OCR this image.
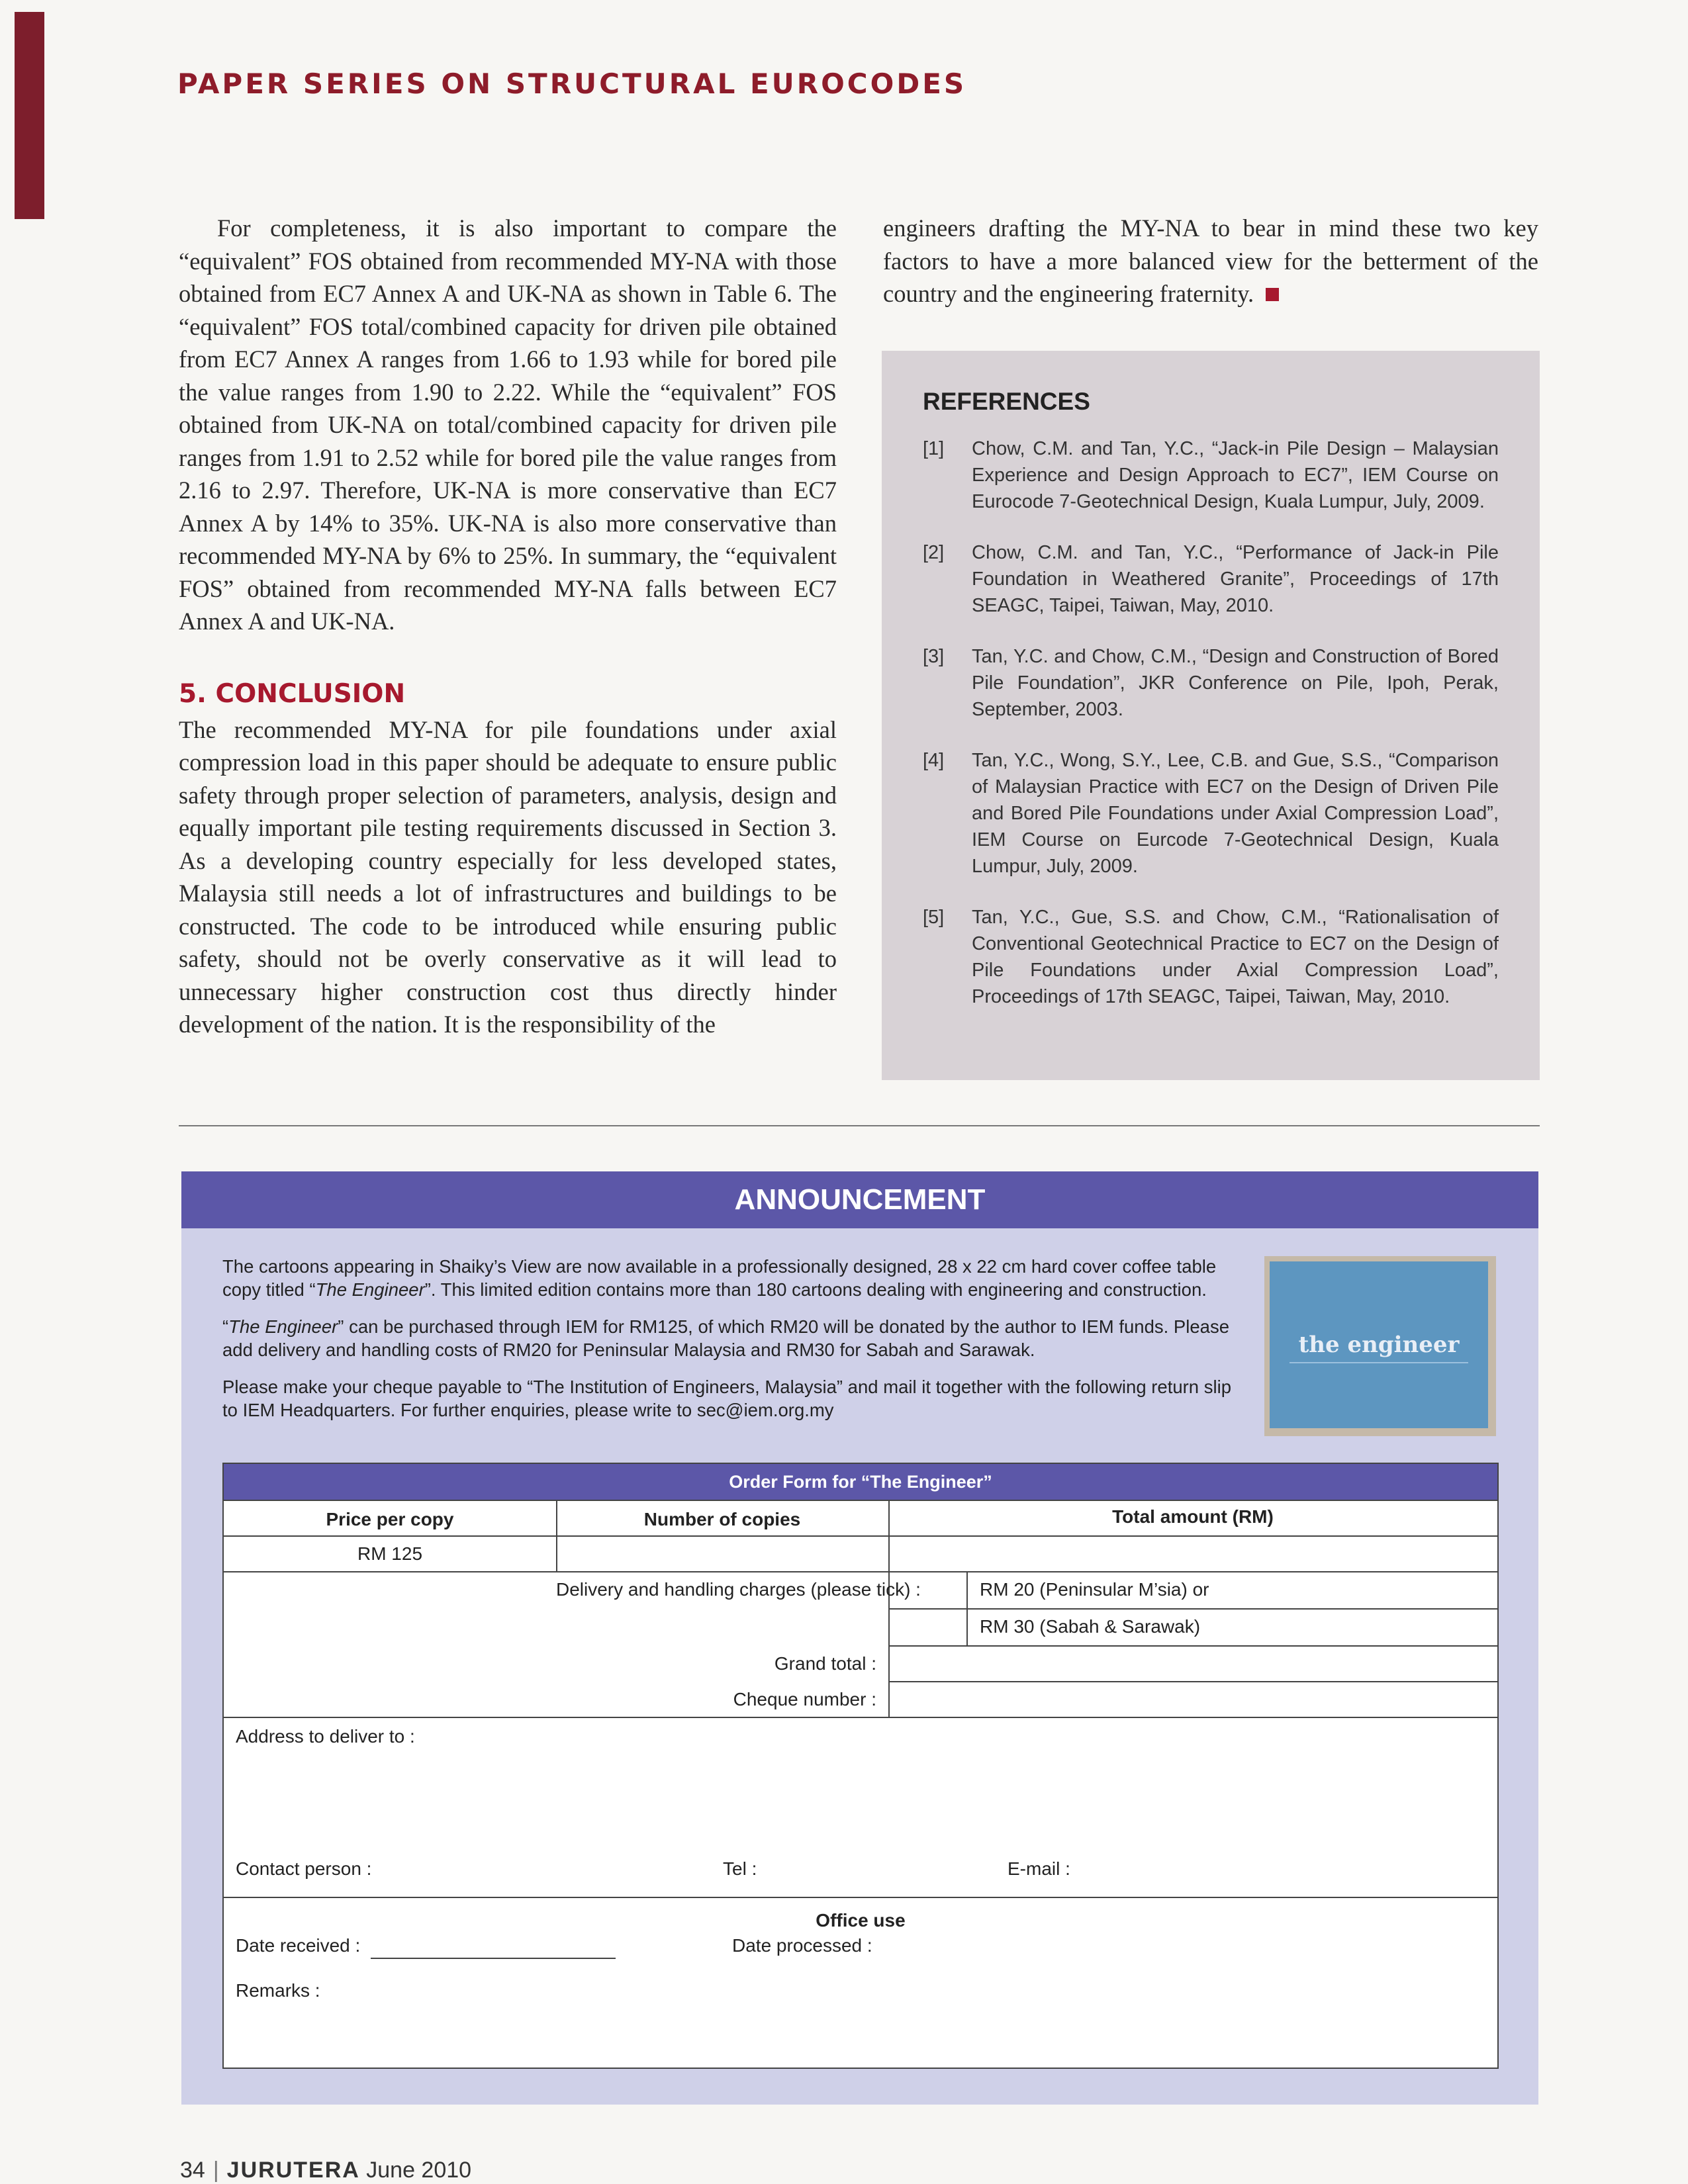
PAPER SERIES ON STRUCTURAL EUROCODES

For completeness, it is also important to compare the “equivalent” FOS obtained from recommended MY-NA with those obtained from EC7 Annex A and UK-NA as shown in Table 6. The “equivalent” FOS total/combined capacity for driven pile obtained from EC7 Annex A ranges from 1.66 to 1.93 while for bored pile the value ranges from 1.90 to 2.22. While the “equivalent” FOS obtained from UK-NA on total/combined capacity for driven pile ranges from 1.91 to 2.52 while for bored pile the value ranges from 2.16 to 2.97. Therefore, UK-NA is more conservative than EC7 Annex A by 14% to 35%. UK-NA is also more conservative than recommended MY-NA by 6% to 25%. In summary, the “equivalent FOS” obtained from recommended MY-NA falls between EC7 Annex A and UK-NA.

5. CONCLUSION

The recommended MY-NA for pile foundations under axial compression load in this paper should be adequate to ensure public safety through proper selection of parameters, analysis, design and equally important pile testing requirements discussed in Section 3. As a developing country especially for less developed states, Malaysia still needs a lot of infrastructures and buildings to be constructed. The code to be introduced while ensuring public safety, should not be overly conservative as it will lead to unnecessary higher construction cost thus directly hinder development of the nation. It is the responsibility of the

engineers drafting the MY-NA to bear in mind these two key factors to have a more balanced view for the betterment of the country and the engineering fraternity.

REFERENCES
[1]	Chow, C.M. and Tan, Y.C., “Jack-in Pile Design – Malaysian Experience and Design Approach to EC7”, IEM Course on Eurocode 7-Geotechnical Design, Kuala Lumpur, July, 2009.
[2]	Chow, C.M. and Tan, Y.C., “Performance of Jack-in Pile Foundation in Weathered Granite”, Proceedings of 17th SEAGC, Taipei, Taiwan, May, 2010.
[3]	Tan, Y.C. and Chow, C.M., “Design and Construction of Bored Pile Foundation”, JKR Conference on Pile, Ipoh, Perak, September, 2003.
[4]	Tan, Y.C., Wong, S.Y., Lee, C.B. and Gue, S.S., “Comparison of Malaysian Practice with EC7 on the Design of Driven Pile and Bored Pile Foundations under Axial Compression Load”, IEM Course on Eurcode 7-Geotechnical Design, Kuala Lumpur, July, 2009.
[5]	Tan, Y.C., Gue, S.S. and Chow, C.M., “Rationalisation of Conventional Geotechnical Practice to EC7 on the Design of Pile Foundations under Axial Compression Load”, Proceedings of 17th SEAGC, Taipei, Taiwan, May, 2010.
ANNOUNCEMENT

The cartoons appearing in Shaiky’s View are now available in a professionally designed, 28 x 22 cm hard cover coffee table copy titled “The Engineer”. This limited edition contains more than 180 cartoons dealing with engineering and construction.

“The Engineer” can be purchased through IEM for RM125, of which RM20 will be donated by the author to IEM funds. Please add delivery and handling costs of RM20 for Peninsular Malaysia and RM30 for Sabah and Sarawak.

Please make your cheque payable to “The Institution of Engineers, Malaysia” and mail it together with the following return slip to IEM Headquarters. For further enquiries, please write to sec@iem.org.my

the engineer
Order Form for “The Engineer”
Price per copy	Number of copies	Total amount (RM)
RM 125
Delivery and handling charges (please tick) :	RM 20 (Peninsular M’sia) or
RM 30 (Sabah & Sarawak)
Grand total :
Cheque number :
Address to deliver to :
Contact person :	Tel :	E-mail :
Office use
Date received :	Date processed :
Remarks :
34 | JURUTERA June 2010
